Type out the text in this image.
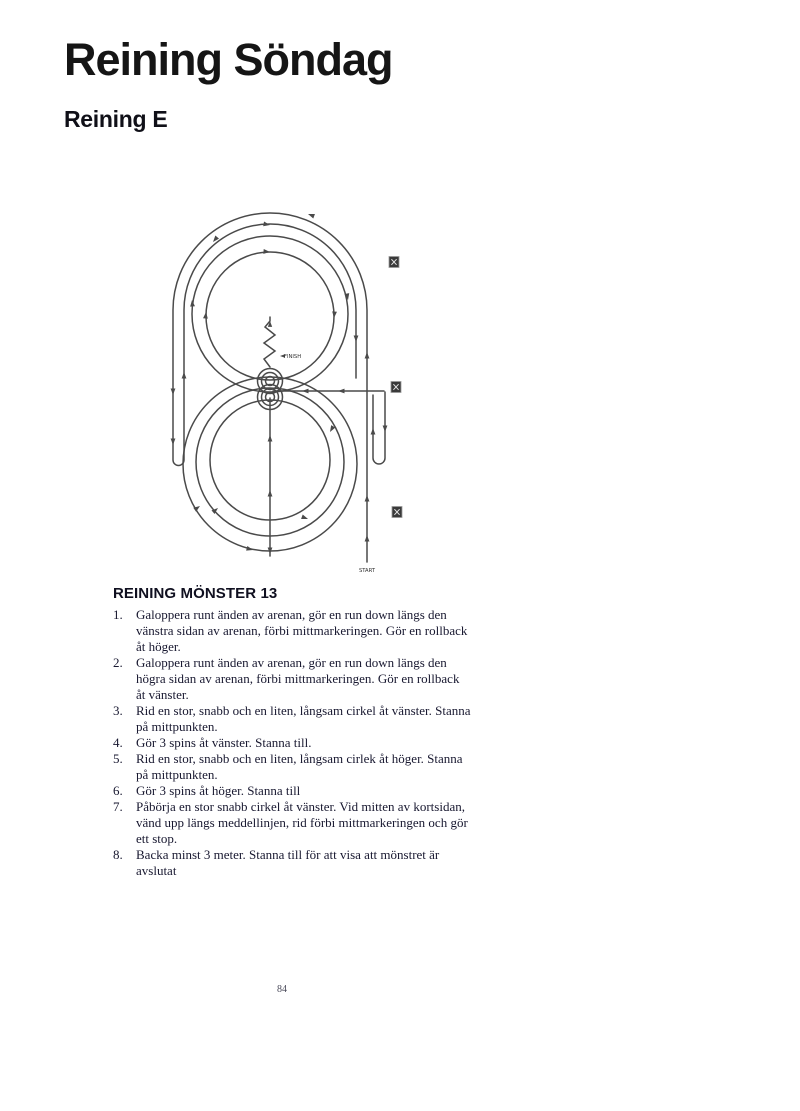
Reining Söndag
Reining E
FINISH
START
REINING MÖNSTER 13
1. Galoppera runt änden av arenan, gör en run down längs den vänstra sidan av arenan, förbi mittmarkeringen. Gör en rollback åt höger.
2. Galoppera runt änden av arenan, gör en run down längs den högra sidan av arenan, förbi mittmarkeringen. Gör en rollback åt vänster.
3. Rid en stor, snabb och en liten, långsam cirkel åt vänster. Stanna på mittpunkten.
4. Gör 3 spins åt vänster. Stanna till.
5. Rid en stor, snabb och en liten, långsam cirlek åt höger. Stanna på mittpunkten.
6. Gör 3 spins åt höger. Stanna till
7. Påbörja en stor snabb cirkel åt vänster. Vid mitten av kortsidan, vänd upp längs meddellinjen, rid förbi mittmarkeringen och gör ett stop.
8. Backa minst 3 meter. Stanna till för att visa att mönstret är avslutat
84
